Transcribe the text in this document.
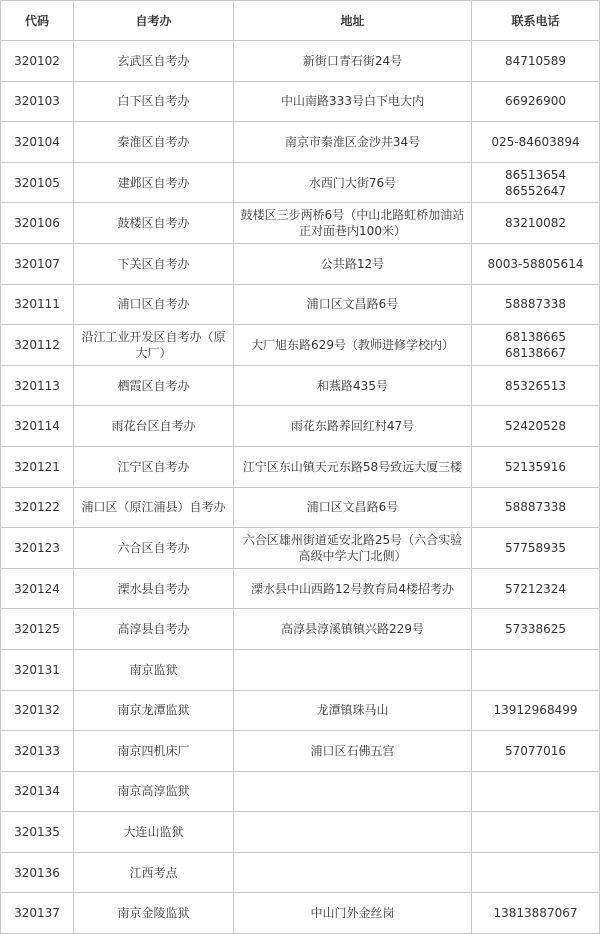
代码	自考办	地址	联系电话
320102	玄武区自考办	新街口青石街24号	84710589
320103	白下区自考办	中山南路333号白下电大内	66926900
320104	秦淮区自考办	南京市秦淮区金沙井34号	025-84603894
320105	建邺区自考办	水西门大街76号	86513654 86552647
320106	鼓楼区自考办	鼓楼区三步两桥6号（中山北路虹桥加油站正对面巷内100米）	83210082
320107	下关区自考办	公共路12号	8003-58805614
320111	浦口区自考办	浦口区文昌路6号	58887338
320112	沿江工业开发区自考办（原大厂）	大厂旭东路629号（教师进修学校内）	68138665 68138667
320113	栖霞区自考办	和燕路435号	85326513
320114	雨花台区自考办	雨花东路养回红村47号	52420528
320121	江宁区自考办	江宁区东山镇天元东路58号致远大厦三楼	52135916
320122	浦口区（原江浦县）自考办	浦口区文昌路6号	58887338
320123	六合区自考办	六合区雄州街道延安北路25号（六合实验高级中学大门北侧）	57758935
320124	溧水县自考办	溧水县中山西路12号教育局4楼招考办	57212324
320125	高淳县自考办	高淳县淳溪镇镇兴路229号	57338625
320131	南京监狱		
320132	南京龙潭监狱	龙潭镇珠马山	13912968499
320133	南京四机床厂	浦口区石佛五宫	57077016
320134	南京高淳监狱		
320135	大连山监狱		
320136	江西考点		
320137	南京金陵监狱	中山门外金丝岗	13813887067
